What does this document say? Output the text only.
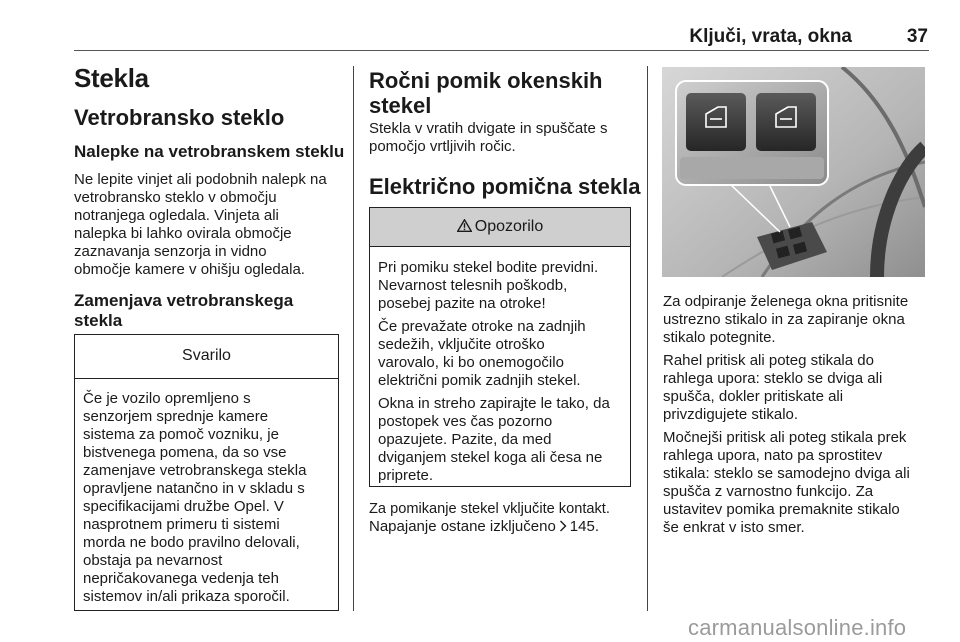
Ključi, vrata, okna	37
Stekla
Vetrobransko steklo
Nalepke na vetrobranskem steklu
Ne lepite vinjet ali podobnih nalepk na
vetrobransko steklo v območju
notranjega ogledala. Vinjeta ali
nalepka bi lahko ovirala območje
zaznavanja senzorja in vidno
območje kamere v ohišju ogledala.
Zamenjava vetrobranskega
stekla
Svarilo
Če je vozilo opremljeno s
senzorjem sprednje kamere
sistema za pomoč vozniku, je
bistvenega pomena, da so vse
zamenjave vetrobranskega stekla
opravljene natančno in v skladu s
specifikacijami družbe Opel. V
nasprotnem primeru ti sistemi
morda ne bodo pravilno delovali,
obstaja pa nevarnost
nepričakovanega vedenja teh
sistemov in/ali prikaza sporočil.
Ročni pomik okenskih
stekel
Stekla v vratih dvigate in spuščate s
pomočjo vrtljivih ročic.
Električno pomična stekla
Opozorilo
Pri pomiku stekel bodite previdni.
Nevarnost telesnih poškodb,
posebej pazite na otroke!
Če prevažate otroke na zadnjih
sedežih, vključite otroško
varovalo, ki bo onemogočilo
električni pomik zadnjih stekel.
Okna in streho zapirajte le tako, da
postopek ves čas pozorno
opazujete. Pazite, da med
dviganjem stekel koga ali česa ne
priprete.
Za pomikanje stekel vključite kontakt.
Napajanje ostane izključeno 145.
Za odpiranje želenega okna pritisnite
ustrezno stikalo in za zapiranje okna
stikalo potegnite.
Rahel pritisk ali poteg stikala do
rahlega upora: steklo se dviga ali
spušča, dokler pritiskate ali
privzdigujete stikalo.
Močnejši pritisk ali poteg stikala prek
rahlega upora, nato pa sprostitev
stikala: steklo se samodejno dviga ali
spušča z varnostno funkcijo. Za
ustavitev pomika premaknite stikalo
še enkrat v isto smer.
carmanualsonline.info
